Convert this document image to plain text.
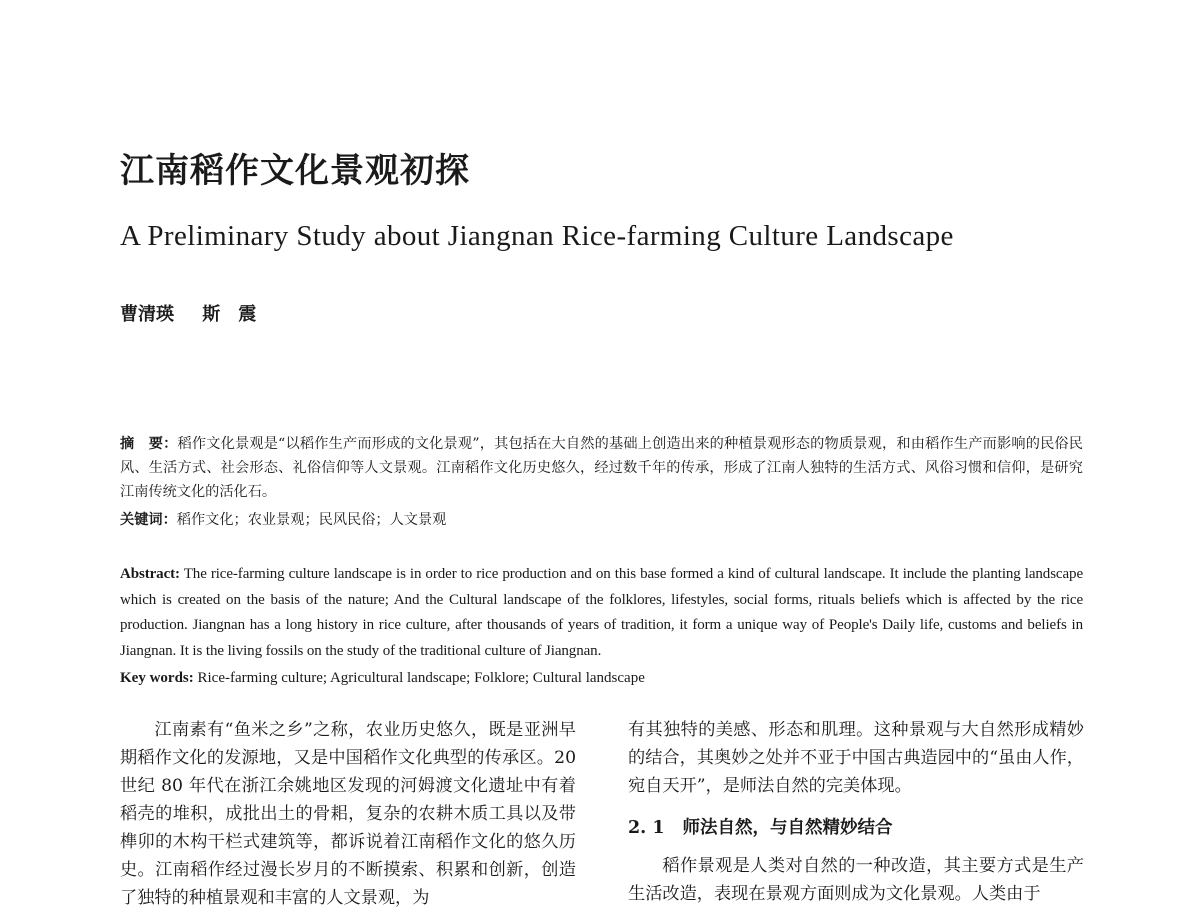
江南稻作文化景观初探
A Preliminary Study about Jiangnan Rice-farming Culture Landscape
曹清瑛 斯　震
摘　要：稻作文化景观是“以稻作生产而形成的文化景观”，其包括在大自然的基础上创造出来的种植景观形态的物质景观，和由稻作生产而影响的民俗民风、生活方式、社会形态、礼俗信仰等人文景观。江南稻作文化历史悠久，经过数千年的传承，形成了江南人独特的生活方式、风俗习惯和信仰，是研究江南传统文化的活化石。
关键词：稻作文化；农业景观；民风民俗；人文景观
Abstract: The rice-farming culture landscape is in order to rice production and on this base formed a kind of cultural landscape. It include the planting landscape which is created on the basis of the nature; And the Cultural landscape of the folklores, lifestyles, social forms, rituals beliefs which is affected by the rice production. Jiangnan has a long history in rice culture, after thousands of years of tradition, it form a unique way of People's Daily life, customs and beliefs in Jiangnan. It is the living fossils on the study of the traditional culture of Jiangnan.
Key words: Rice-farming culture; Agricultural landscape; Folklore; Cultural landscape

江南素有“鱼米之乡”之称，农业历史悠久，既是亚洲早期稻作文化的发源地，又是中国稻作文化典型的传承区。20 世纪 80 年代在浙江余姚地区发现的河姆渡文化遗址中有着稻壳的堆积，成批出土的骨耜，复杂的农耕木质工具以及带榫卯的木构干栏式建筑等，都诉说着江南稻作文化的悠久历史。江南稻作经过漫长岁月的不断摸索、积累和创新，创造了独特的种植景观和丰富的人文景观，为

有其独特的美感、形态和肌理。这种景观与大自然形成精妙的结合，其奥妙之处并不亚于中国古典造园中的“虽由人作，宛自天开”，是师法自然的完美体现。

2. 1 师法自然，与自然精妙结合

稻作景观是人类对自然的一种改造，其主要方式是生产生活改造，表现在景观方面则成为文化景观。人类由于
